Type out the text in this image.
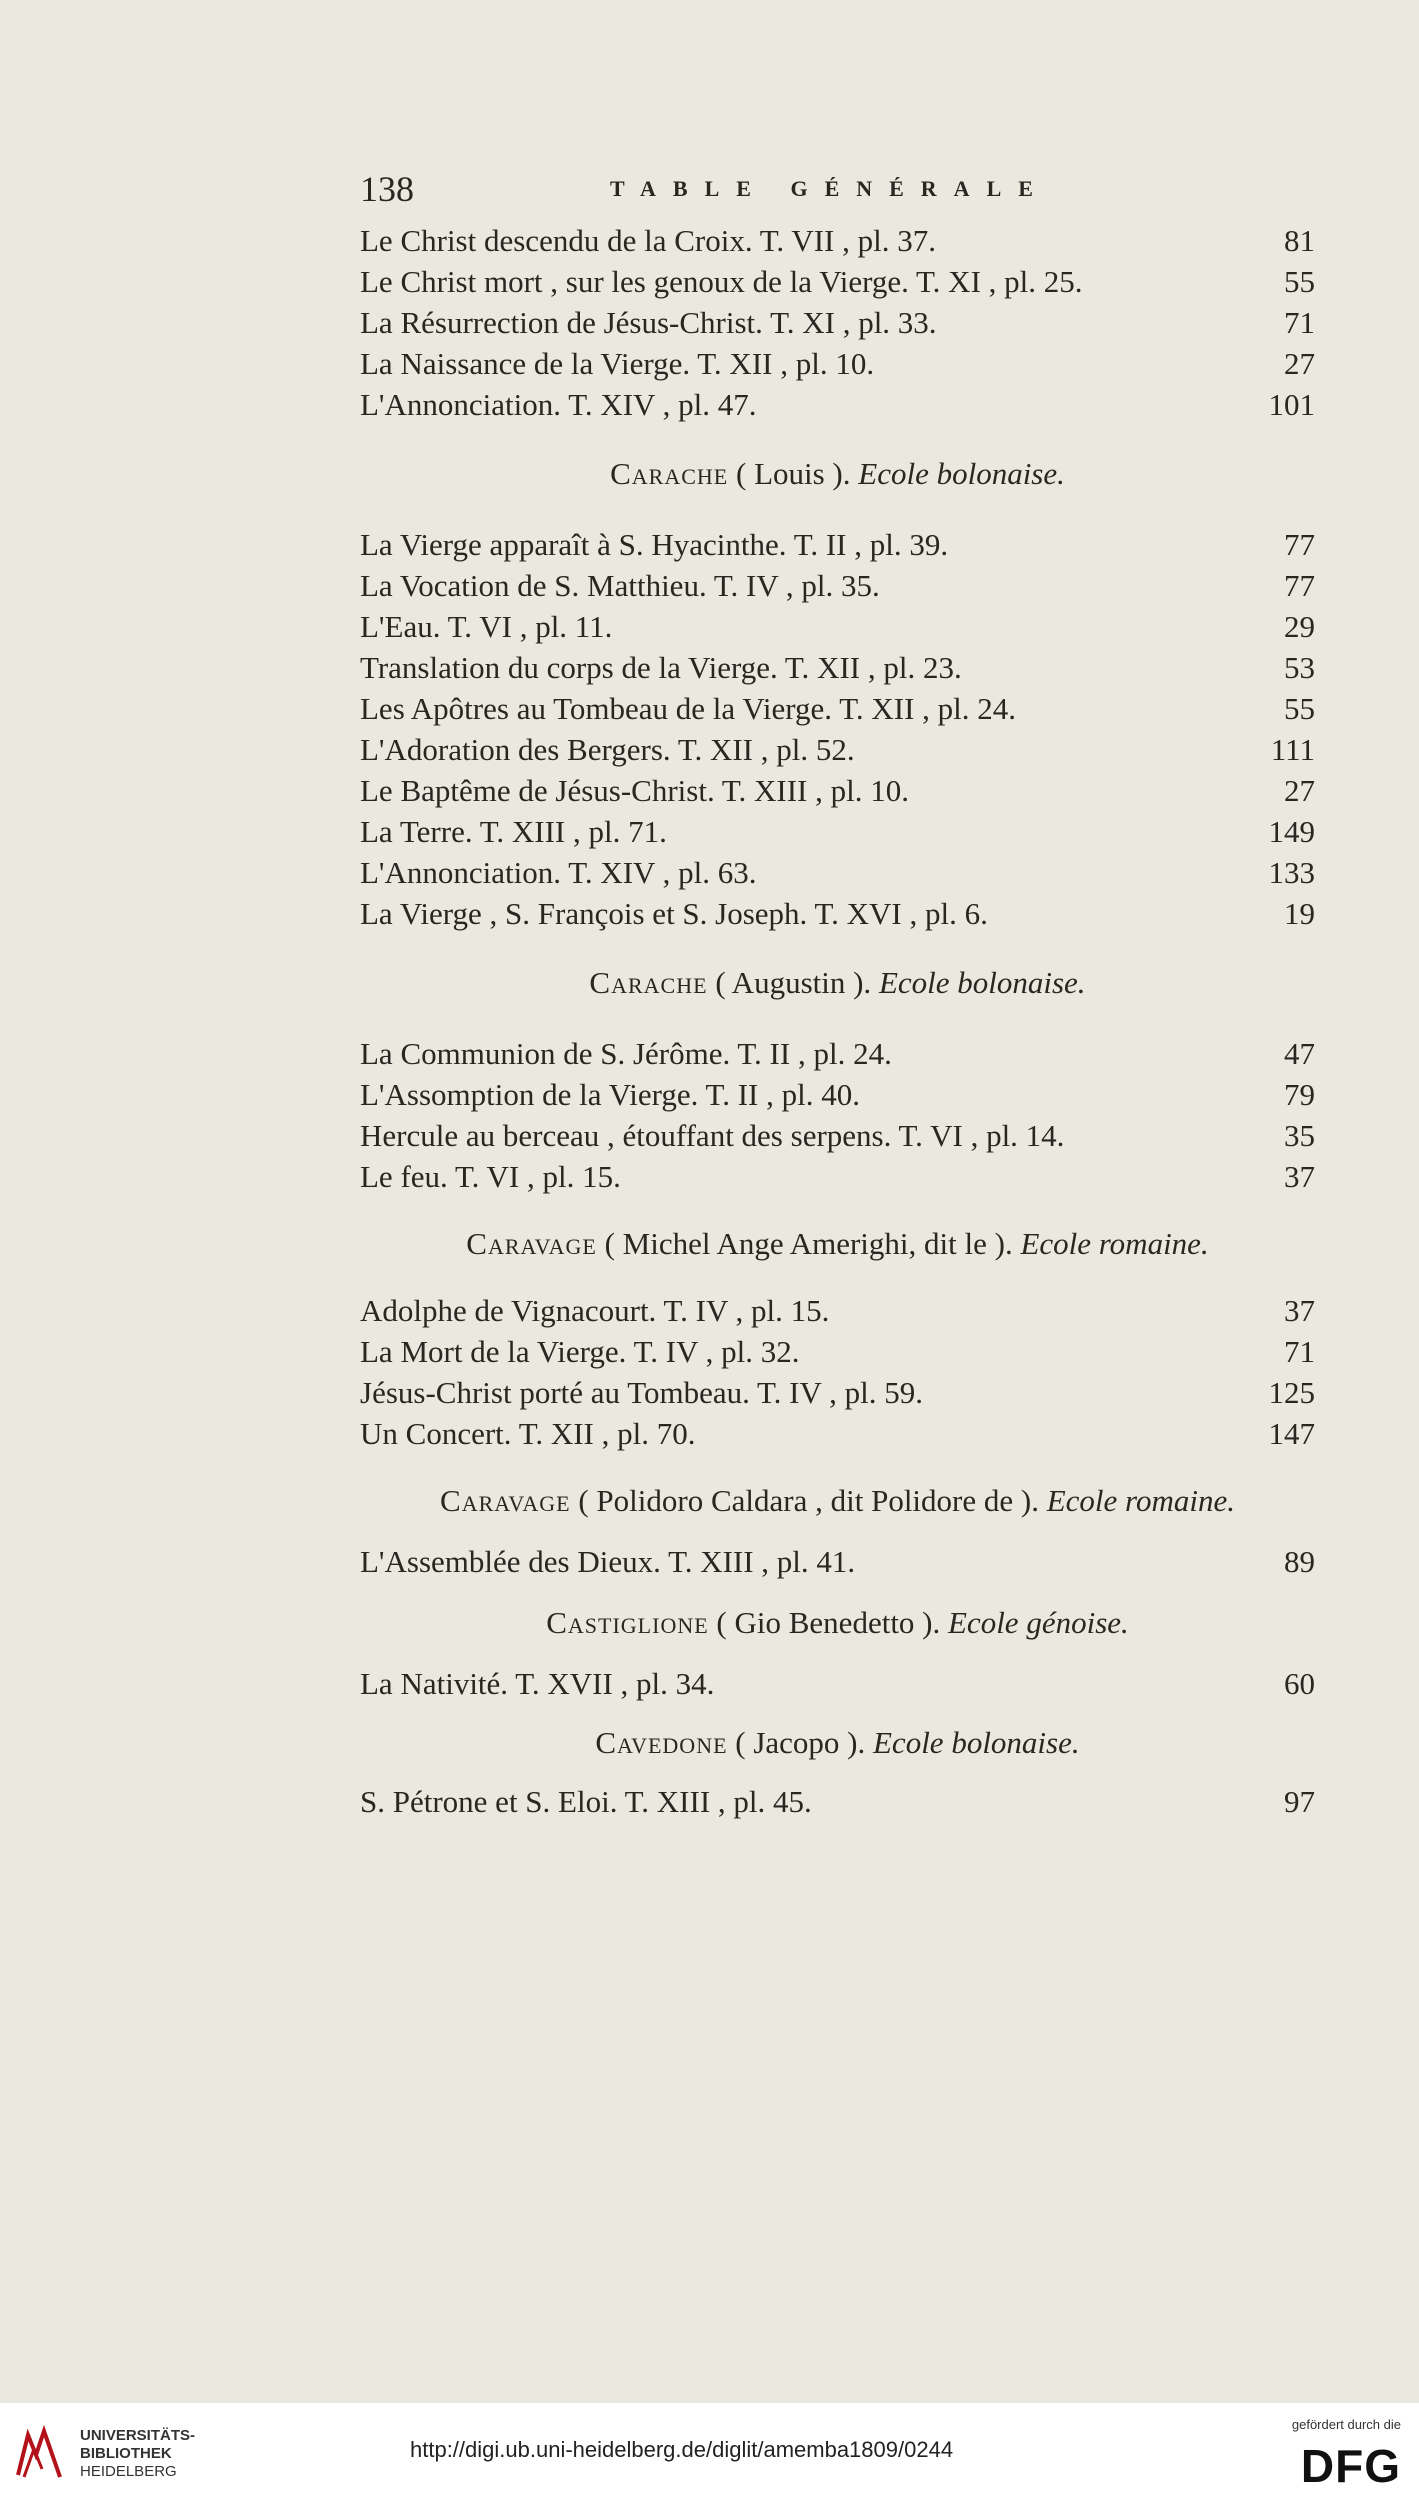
138	TABLE GÉNÉRALE
Le Christ descendu de la Croix. T. VII , pl. 37.	81
Le Christ mort , sur les genoux de la Vierge. T. XI , pl. 25.	55
La Résurrection de Jésus-Christ. T. XI , pl. 33.	71
La Naissance de la Vierge. T. XII , pl. 10.	27
L'Annonciation. T. XIV , pl. 47.	101
Carache ( Louis ). Ecole bolonaise.
La Vierge apparaît à S. Hyacinthe. T. II , pl. 39.	77
La Vocation de S. Matthieu. T. IV , pl. 35.	77
L'Eau. T. VI , pl. 11.	29
Translation du corps de la Vierge. T. XII , pl. 23.	53
Les Apôtres au Tombeau de la Vierge. T. XII , pl. 24.	55
L'Adoration des Bergers. T. XII , pl. 52.	111
Le Baptême de Jésus-Christ. T. XIII , pl. 10.	27
La Terre. T. XIII , pl. 71.	149
L'Annonciation. T. XIV , pl. 63.	133
La Vierge , S. François et S. Joseph. T. XVI , pl. 6.	19
Carache ( Augustin ). Ecole bolonaise.
La Communion de S. Jérôme. T. II , pl. 24.	47
L'Assomption de la Vierge. T. II , pl. 40.	79
Hercule au berceau , étouffant des serpens. T. VI , pl. 14.	35
Le feu. T. VI , pl. 15.	37
Caravage ( Michel Ange Amerighi, dit le ). Ecole romaine.
Adolphe de Vignacourt. T. IV , pl. 15.	37
La Mort de la Vierge. T. IV , pl. 32.	71
Jésus-Christ porté au Tombeau. T. IV , pl. 59.	125
Un Concert. T. XII , pl. 70.	147
Caravage ( Polidoro Caldara , dit Polidore de ). Ecole romaine.
L'Assemblée des Dieux. T. XIII , pl. 41.	89
Castiglione ( Gio Benedetto ). Ecole génoise.
La Nativité. T. XVII , pl. 34.	60
Cavedone ( Jacopo ). Ecole bolonaise.
S. Pétrone et S. Eloi. T. XIII , pl. 45.	97
UNIVERSITÄTS-
BIBLIOTHEK
HEIDELBERG
http://digi.ub.uni-heidelberg.de/diglit/amemba1809/0244
gefördert durch die
DFG
